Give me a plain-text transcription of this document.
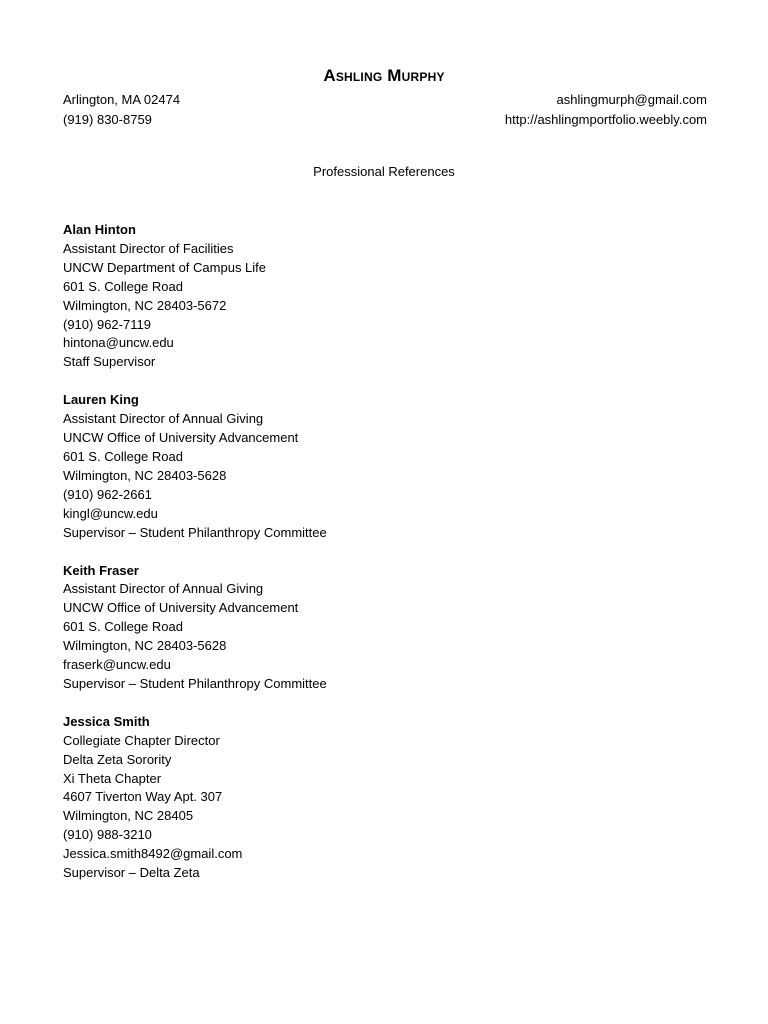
Ashling Murphy
Arlington, MA 02474
(919) 830-8759
ashlingmurph@gmail.com
http://ashlingmportfolio.weebly.com
Professional References
Alan Hinton
Assistant Director of Facilities
UNCW Department of Campus Life
601 S. College Road
Wilmington, NC 28403-5672
(910) 962-7119
hintona@uncw.edu
Staff Supervisor
Lauren King
Assistant Director of Annual Giving
UNCW Office of University Advancement
601 S. College Road
Wilmington, NC 28403-5628
(910) 962-2661
kingl@uncw.edu
Supervisor – Student Philanthropy Committee
Keith Fraser
Assistant Director of Annual Giving
UNCW Office of University Advancement
601 S. College Road
Wilmington, NC 28403-5628
fraserk@uncw.edu
Supervisor – Student Philanthropy Committee
Jessica Smith
Collegiate Chapter Director
Delta Zeta Sorority
Xi Theta Chapter
4607 Tiverton Way Apt. 307
Wilmington, NC 28405
(910) 988-3210
Jessica.smith8492@gmail.com
Supervisor – Delta Zeta
